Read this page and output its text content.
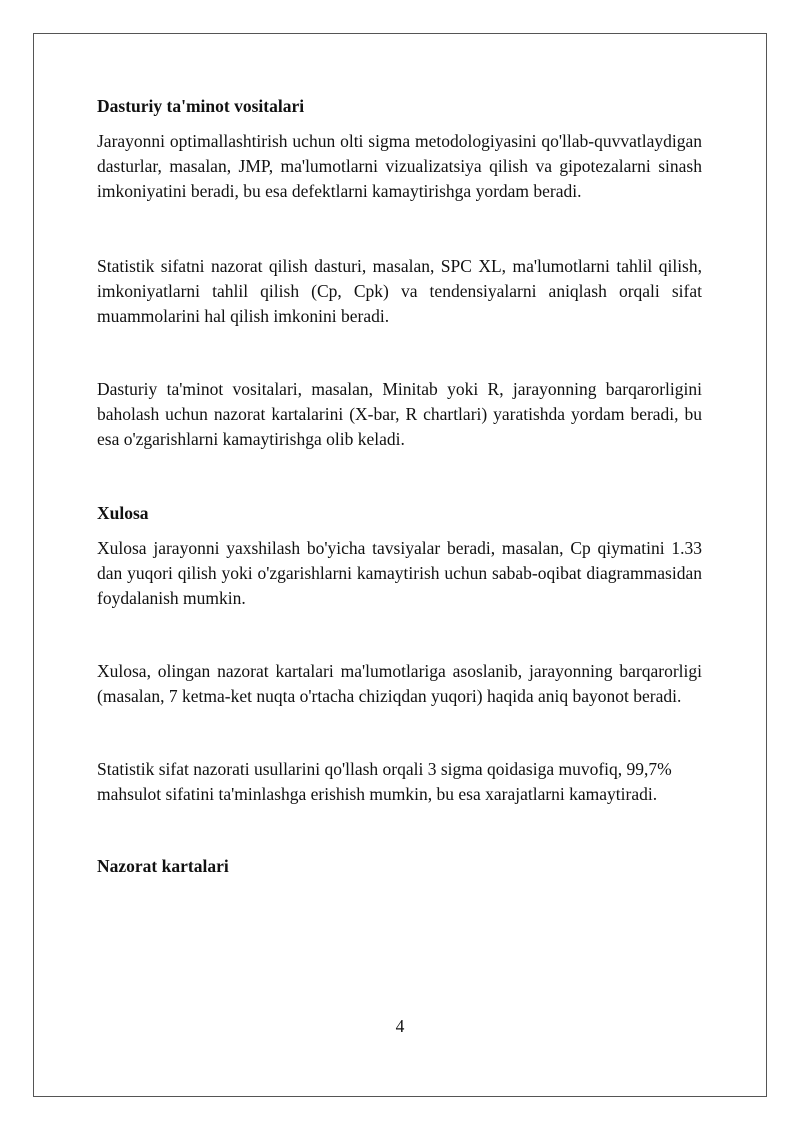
Dasturiy ta'minot vositalari

Jarayonni optimallashtirish uchun olti sigma metodologiyasini qo'llab-quvvatlaydigan dasturlar, masalan, JMP, ma'lumotlarni vizualizatsiya qilish va gipotezalarni sinash imkoniyatini beradi, bu esa defektlarni kamaytirishga yordam beradi.

Statistik sifatni nazorat qilish dasturi, masalan, SPC XL, ma'lumotlarni tahlil qilish, imkoniyatlarni tahlil qilish (Cp, Cpk) va tendensiyalarni aniqlash orqali sifat muammolarini hal qilish imkonini beradi.

Dasturiy ta'minot vositalari, masalan, Minitab yoki R, jarayonning barqarorligini baholash uchun nazorat kartalarini (X-bar, R chartlari) yaratishda yordam beradi, bu esa o'zgarishlarni kamaytirishga olib keladi.

Xulosa

Xulosa jarayonni yaxshilash bo'yicha tavsiyalar beradi, masalan, Cp qiymatini 1.33 dan yuqori qilish yoki o'zgarishlarni kamaytirish uchun sabab-oqibat diagrammasidan foydalanish mumkin.

Xulosa, olingan nazorat kartalari ma'lumotlariga asoslanib, jarayonning barqarorligi (masalan, 7 ketma-ket nuqta o'rtacha chiziqdan yuqori) haqida aniq bayonot beradi.

Statistik sifat nazorati usullarini qo'llash orqali 3 sigma qoidasiga muvofiq, 99,7% mahsulot sifatini ta'minlashga erishish mumkin, bu esa xarajatlarni kamaytiradi.

Nazorat kartalari

4
